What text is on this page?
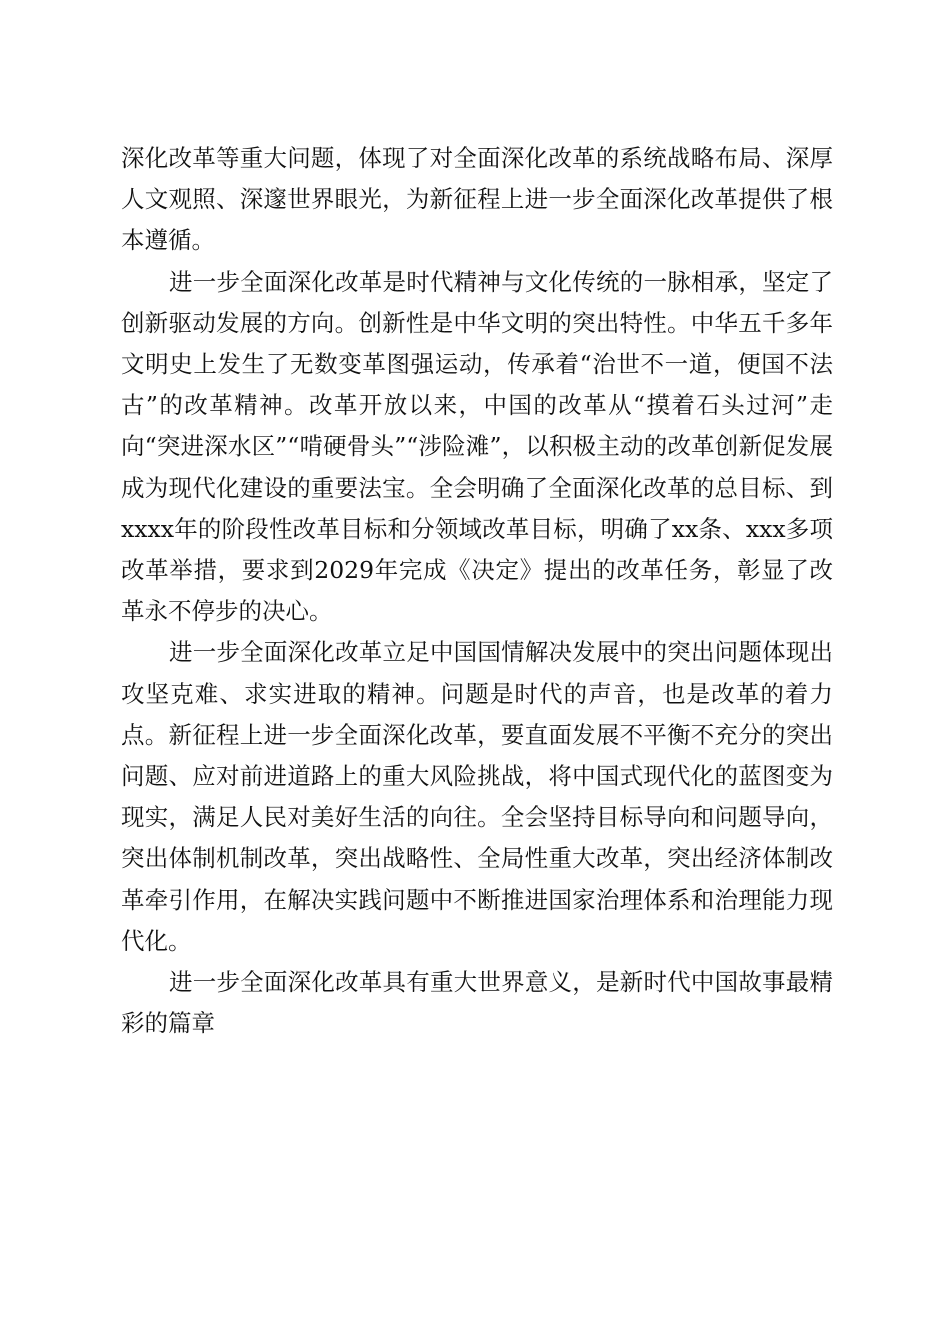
深化改革等重大问题，体现了对全面深化改革的系统战略布局、深厚人文观照、深邃世界眼光，为新征程上进一步全面深化改革提供了根本遵循。

进一步全面深化改革是时代精神与文化传统的一脉相承，坚定了创新驱动发展的方向。创新性是中华文明的突出特性。中华五千多年文明史上发生了无数变革图强运动，传承着“治世不一道，便国不法古”的改革精神。改革开放以来，中国的改革从“摸着石头过河”走向“突进深水区”“啃硬骨头”“涉险滩”，以积极主动的改革创新促发展成为现代化建设的重要法宝。全会明确了全面深化改革的总目标、到xxxx年的阶段性改革目标和分领域改革目标，明确了xx条、xxx多项改革举措，要求到2029年完成《决定》提出的改革任务，彰显了改革永不停步的决心。

进一步全面深化改革立足中国国情解决发展中的突出问题体现出攻坚克难、求实进取的精神。问题是时代的声音，也是改革的着力点。新征程上进一步全面深化改革，要直面发展不平衡不充分的突出问题、应对前进道路上的重大风险挑战，将中国式现代化的蓝图变为现实，满足人民对美好生活的向往。全会坚持目标导向和问题导向，突出体制机制改革，突出战略性、全局性重大改革，突出经济体制改革牵引作用，在解决实践问题中不断推进国家治理体系和治理能力现代化。

进一步全面深化改革具有重大世界意义，是新时代中国故事最精彩的篇章
